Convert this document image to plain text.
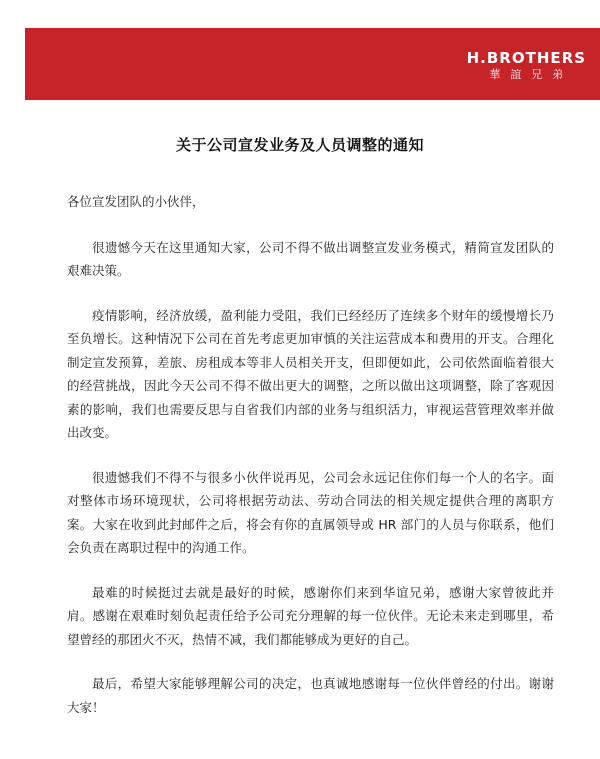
H.BROTHERS
華誼兄弟
关于公司宣发业务及人员调整的通知

各位宣发团队的小伙伴，

很遗憾今天在这里通知大家，公司不得不做出调整宣发业务模式，精简宣发团队的艰难决策。

疫情影响，经济放缓，盈利能力受阻，我们已经经历了连续多个财年的缓慢增长乃至负增长。这种情况下公司在首先考虑更加审慎的关注运营成本和费用的开支。合理化制定宣发预算，差旅、房租成本等非人员相关开支，但即便如此，公司依然面临着很大的经营挑战，因此今天公司不得不做出更大的调整，之所以做出这项调整，除了客观因素的影响，我们也需要反思与自省我们内部的业务与组织活力，审视运营管理效率并做出改变。

很遗憾我们不得不与很多小伙伴说再见，公司会永远记住你们每一个人的名字。面对整体市场环境现状，公司将根据劳动法、劳动合同法的相关规定提供合理的离职方案。大家在收到此封邮件之后，将会有你的直属领导或 HR 部门的人员与你联系，他们会负责在离职过程中的沟通工作。

最难的时候挺过去就是最好的时候，感谢你们来到华谊兄弟，感谢大家曾彼此并肩。感谢在艰难时刻负起责任给予公司充分理解的每一位伙伴。无论未来走到哪里，希望曾经的那团火不灭，热情不减，我们都能够成为更好的自己。

最后，希望大家能够理解公司的决定，也真诚地感谢每一位伙伴曾经的付出。谢谢大家！
